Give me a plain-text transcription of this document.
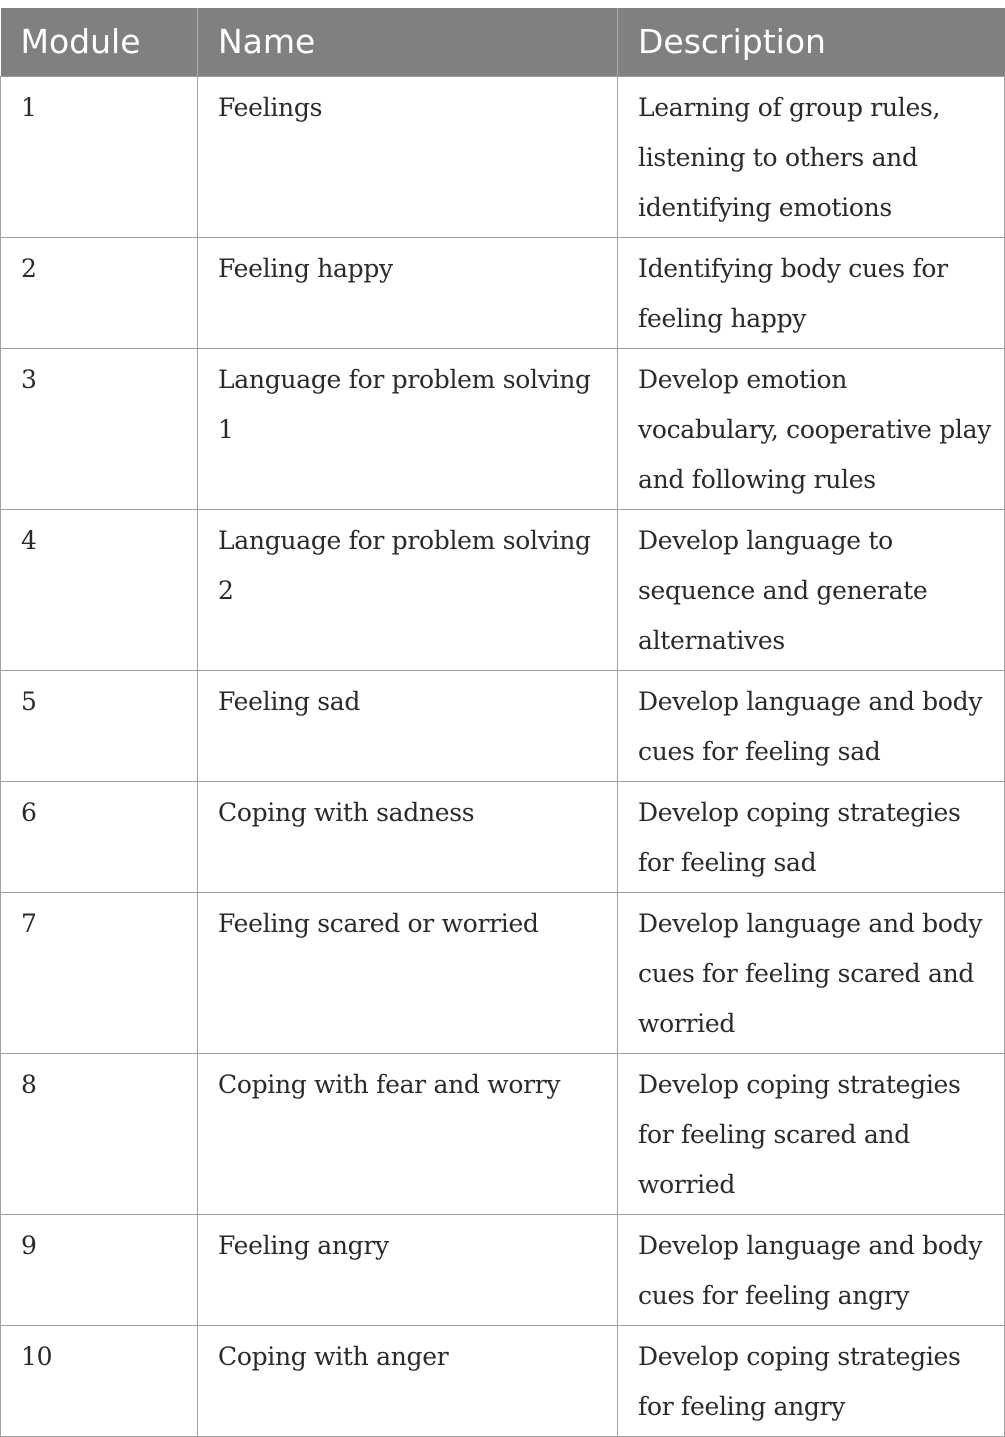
Module	Name	Description
1	Feelings	Learning of group rules, listening to others and identifying emotions
2	Feeling happy	Identifying body cues for feeling happy
3	Language for problem solving 1	Develop emotion vocabulary, cooperative play and following rules
4	Language for problem solving 2	Develop language to sequence and generate alternatives
5	Feeling sad	Develop language and body cues for feeling sad
6	Coping with sadness	Develop coping strategies for feeling sad
7	Feeling scared or worried	Develop language and body cues for feeling scared and worried
8	Coping with fear and worry	Develop coping strategies for feeling scared and worried
9	Feeling angry	Develop language and body cues for feeling angry
10	Coping with anger	Develop coping strategies for feeling angry
